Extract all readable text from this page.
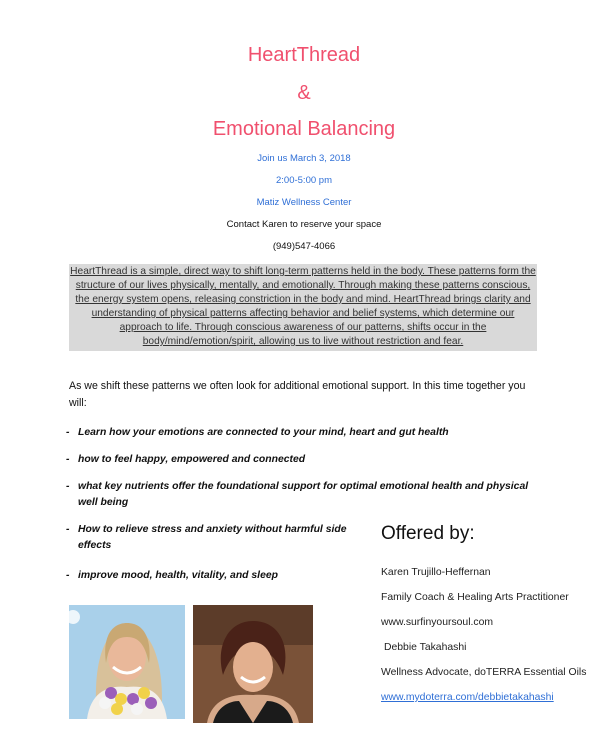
HeartThread
&
Emotional Balancing
Join us March 3, 2018
2:00-5:00 pm
Matiz Wellness Center
Contact Karen to reserve your space
(949)547-4066
HeartThread is a simple, direct way to shift long-term patterns held in the body. These patterns form the structure of our lives physically, mentally, and emotionally. Through making these patterns conscious, the energy system opens, releasing constriction in the body and mind. HeartThread brings clarity and understanding of physical patterns affecting behavior and belief systems, which determine our approach to life. Through conscious awareness of our patterns, shifts occur in the body/mind/emotion/spirit, allowing us to live without restriction and fear.
As we shift these patterns we often look for additional emotional support. In this time together you will:
- Learn how your emotions are connected to your mind, heart and gut health
- how to feel happy, empowered and connected
- what key nutrients offer the foundational support for optimal emotional health and physical well being
- How to relieve stress and anxiety without harmful side effects
- improve mood, health, vitality, and sleep
Offered by:
Karen Trujillo-Heffernan
Family Coach & Healing Arts Practitioner
www.surfinyoursoul.com
Debbie Takahashi
Wellness Advocate, doTERRA Essential Oils
www.mydoterra.com/debbietakahashi
